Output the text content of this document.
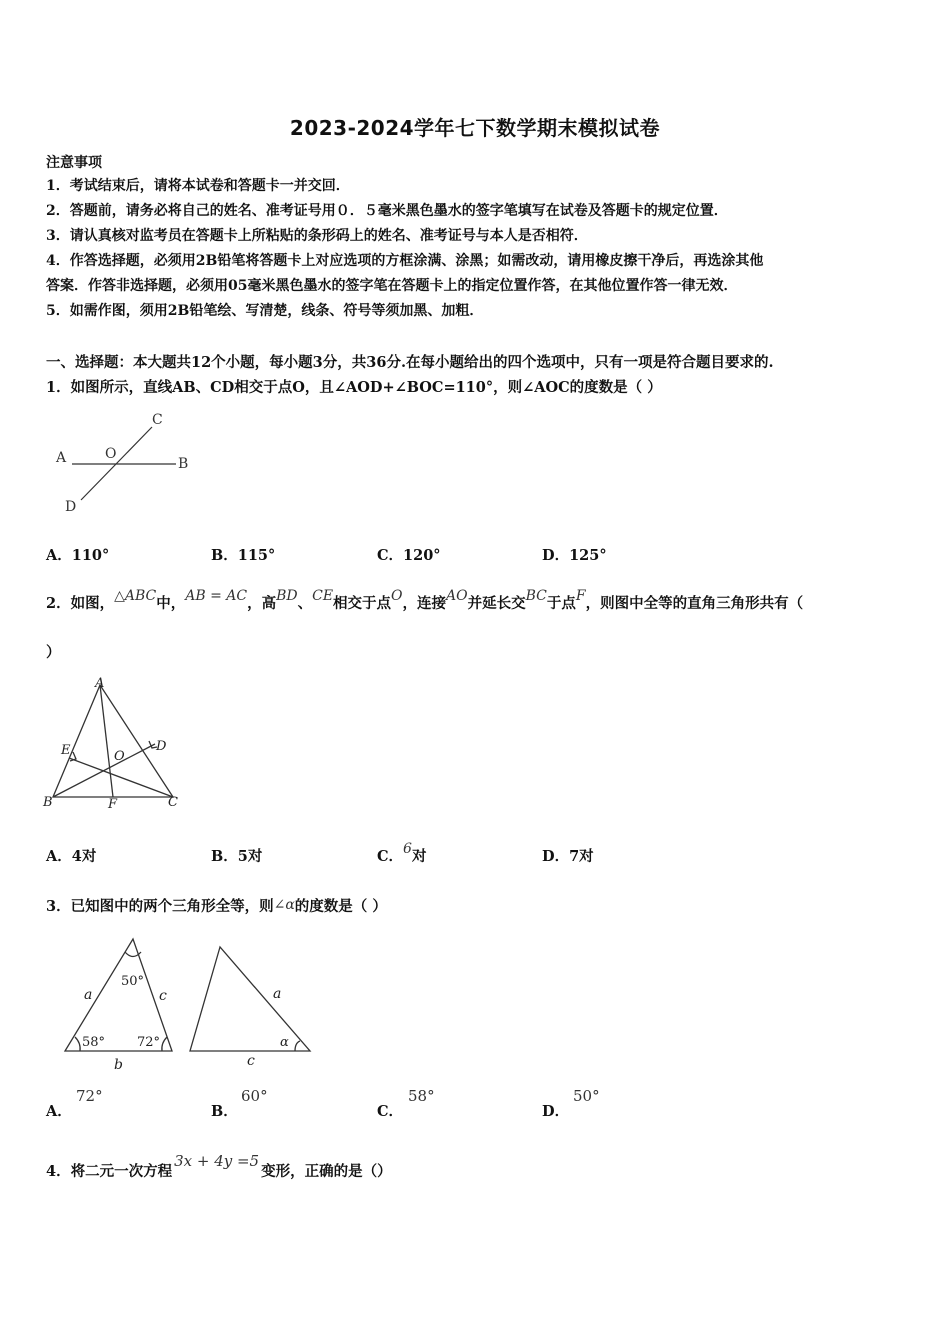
2023-2024学年七下数学期末模拟试卷
注意事项
1．考试结束后，请将本试卷和答题卡一并交回．
2．答题前，请务必将自己的姓名、准考证号用０．５毫米黑色墨水的签字笔填写在试卷及答题卡的规定位置．
3．请认真核对监考员在答题卡上所粘贴的条形码上的姓名、准考证号与本人是否相符．
4．作答选择题，必须用2B铅笔将答题卡上对应选项的方框涂满、涂黑；如需改动，请用橡皮擦干净后，再选涂其他
答案．作答非选择题，必须用05毫米黑色墨水的签字笔在答题卡上的指定位置作答，在其他位置作答一律无效．
5．如需作图，须用2B铅笔绘、写清楚，线条、符号等须加黑、加粗．
一、选择题：本大题共12个小题，每小题3分，共36分.在每小题给出的四个选项中，只有一项是符合题目要求的.
1．如图所示，直线AB、CD相交于点O，且∠AOD+∠BOC=110°，则∠AOC的度数是（ ）
A	B
C
D
O
A．110°	B．115°	C．120°	D．125°
2．如图，△ABC中，AB = AC，高BD、CE相交于点O，连接AO并延长交BC于点F，则图中全等的直角三角形共有（
）
A
B	C
D
E
F
O
A．4对	B．5对	C．6对	D．7对
3．已知图中的两个三角形全等，则∠α的度数是（ ）
50°
58° 72°
a
b
c	a
c
α
A．
72°
B．
60°
C．
58°
D．
50°
4．将二元一次方程3x + 4y =5变形，正确的是（）
